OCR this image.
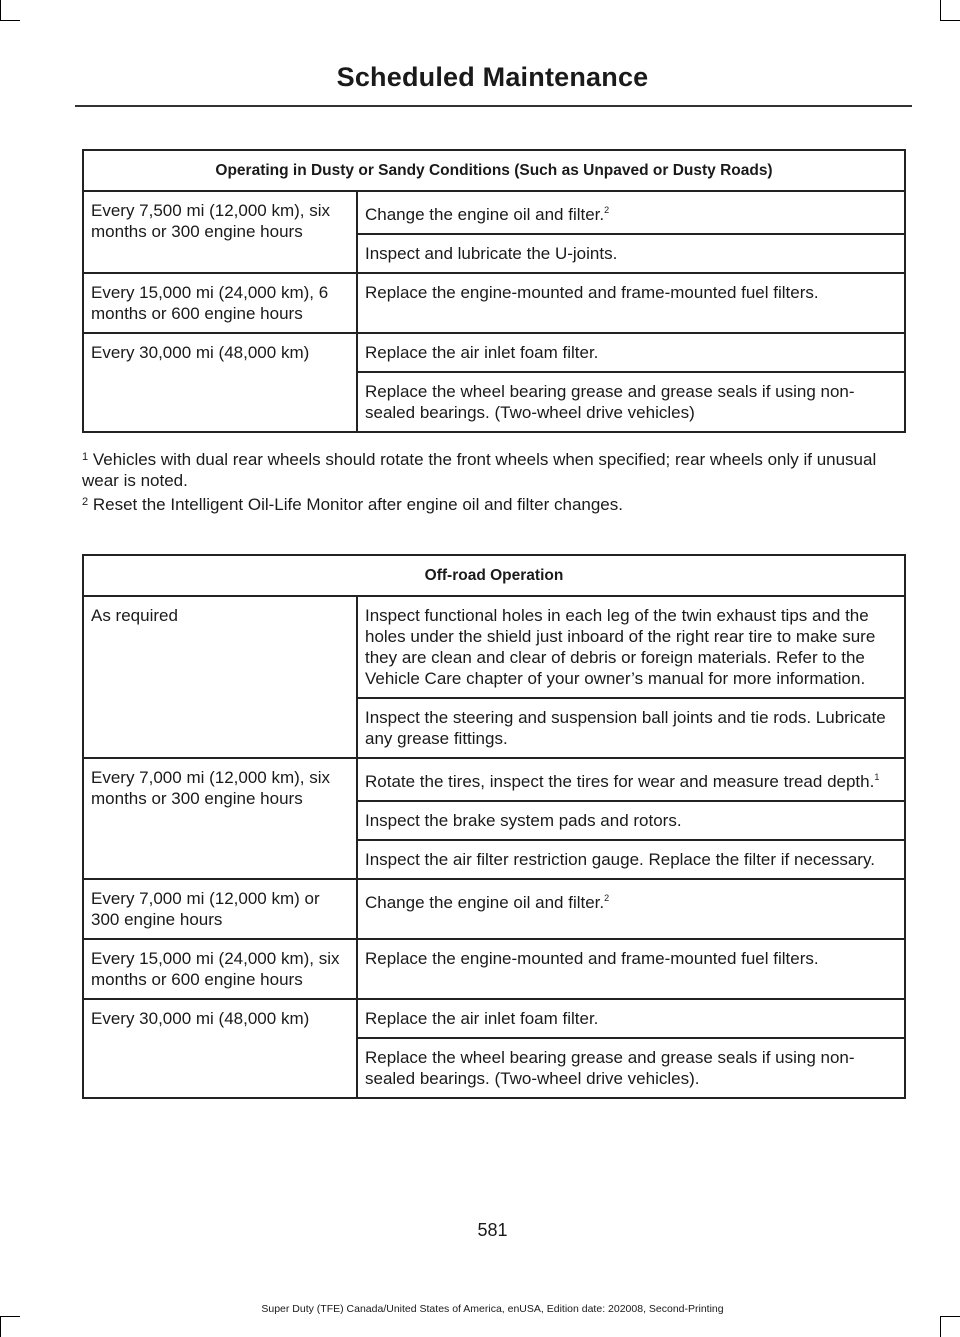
Scheduled Maintenance
Operating in Dusty or Sandy Conditions (Such as Unpaved or Dusty Roads)	
Every 7,500 mi (12,000 km), six months or 300 engine hours	Change the engine oil and filter.$^2$
	Inspect and lubricate the U-joints.
Every 15,000 mi (24,000 km), 6 months or 600 engine hours	Replace the engine-mounted and frame-mounted fuel filters.
Every 30,000 mi (48,000 km)	Replace the air inlet foam filter.
	Replace the wheel bearing grease and grease seals if using non-sealed bearings. (Two-wheel drive vehicles)
$^1$ Vehicles with dual rear wheels should rotate the front wheels when specified; rear wheels only if unusual wear is noted.
$^2$ Reset the Intelligent Oil-Life Monitor after engine oil and filter changes.
Off-road Operation	
As required	Inspect functional holes in each leg of the twin exhaust tips and the holes under the shield just inboard of the right rear tire to make sure they are clean and clear of debris or foreign materials. Refer to the Vehicle Care chapter of your owner’s manual for more information.
	Inspect the steering and suspension ball joints and tie rods. Lubricate any grease fittings.
Every 7,000 mi (12,000 km), six months or 300 engine hours	Rotate the tires, inspect the tires for wear and measure tread depth.$^1$
	Inspect the brake system pads and rotors.
	Inspect the air filter restriction gauge. Replace the filter if necessary.
Every 7,000 mi (12,000 km) or 300 engine hours	Change the engine oil and filter.$^2$
Every 15,000 mi (24,000 km), six months or 600 engine hours	Replace the engine-mounted and frame-mounted fuel filters.
Every 30,000 mi (48,000 km)	Replace the air inlet foam filter.
	Replace the wheel bearing grease and grease seals if using non-sealed bearings. (Two-wheel drive vehicles).
581
Super Duty (TFE) Canada/United States of America, enUSA, Edition date: 202008, Second-Printing
